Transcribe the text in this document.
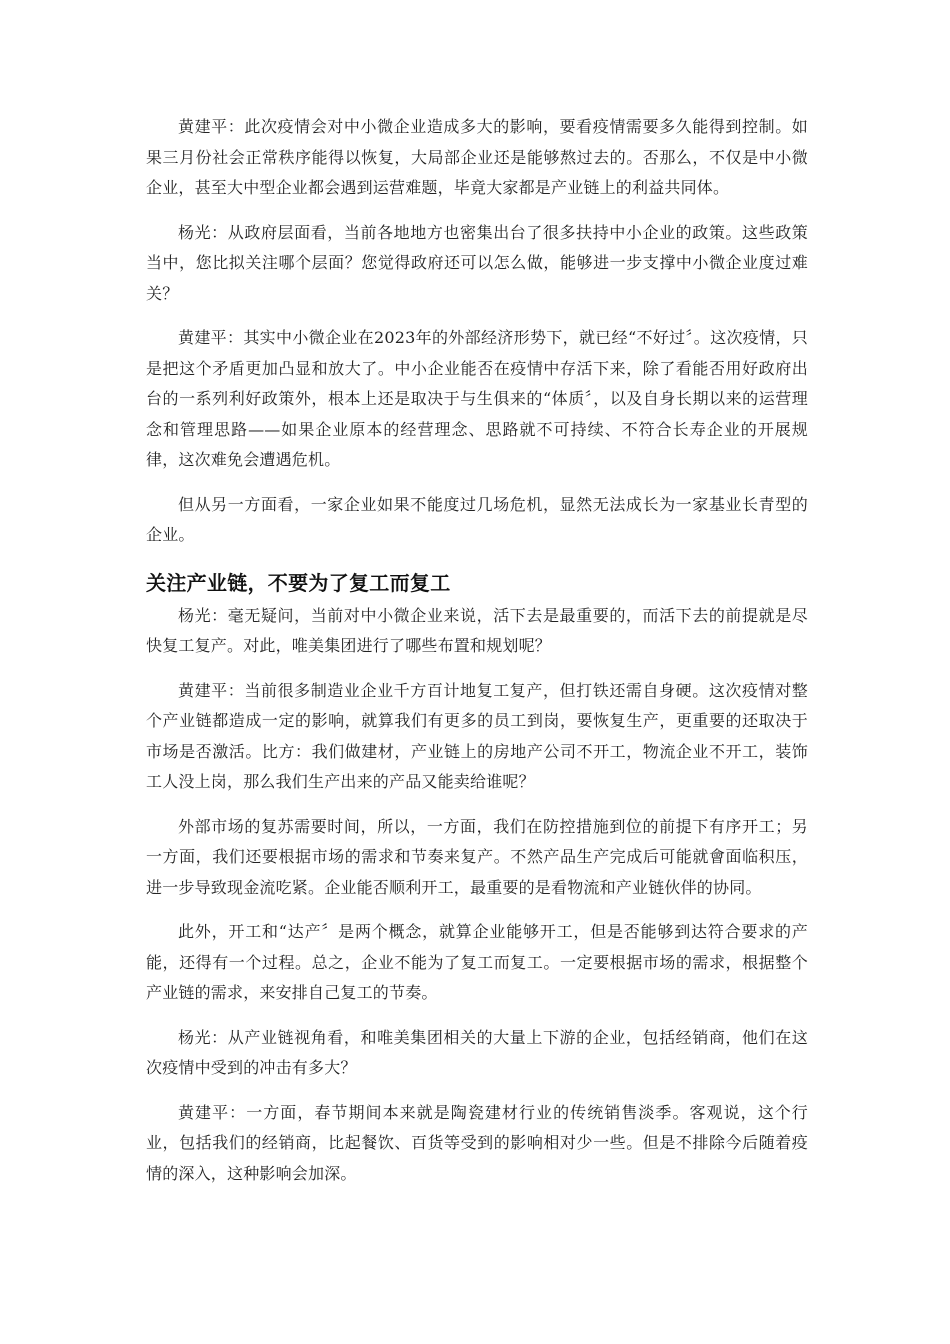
黄建平：此次疫情会对中小微企业造成多大的影响，要看疫情需要多久能得到控制。如果三月份社会正常秩序能得以恢复，大局部企业还是能够熬过去的。否那么，不仅是中小微企业，甚至大中型企业都会遇到运营难题，毕竟大家都是产业链上的利益共同体。

杨光：从政府层面看，当前各地地方也密集出台了很多扶持中小企业的政策。这些政策当中，您比拟关注哪个层面？您觉得政府还可以怎么做，能够进一步支撑中小微企业度过难关？

黄建平：其实中小微企业在2023年的外部经济形势下，就已经“不好过〞。这次疫情，只是把这个矛盾更加凸显和放大了。中小企业能否在疫情中存活下来，除了看能否用好政府出台的一系列利好政策外，根本上还是取决于与生俱来的“体质〞，以及自身长期以来的运营理念和管理思路——如果企业原本的经营理念、思路就不可持续、不符合长寿企业的开展规律，这次难免会遭遇危机。

但从另一方面看，一家企业如果不能度过几场危机，显然无法成长为一家基业长青型的企业。

关注产业链，不要为了复工而复工

杨光：毫无疑问，当前对中小微企业来说，活下去是最重要的，而活下去的前提就是尽快复工复产。对此，唯美集团进行了哪些布置和规划呢？

黄建平：当前很多制造业企业千方百计地复工复产，但打铁还需自身硬。这次疫情对整个产业链都造成一定的影响，就算我们有更多的员工到岗，要恢复生产，更重要的还取决于市场是否激活。比方：我们做建材，产业链上的房地产公司不开工，物流企业不开工，装饰工人没上岗，那么我们生产出来的产品又能卖给谁呢？

外部市场的复苏需要时间，所以，一方面，我们在防控措施到位的前提下有序开工；另一方面，我们还要根据市场的需求和节奏来复产。不然产品生产完成后可能就會面临积压，进一步导致现金流吃紧。企业能否顺利开工，最重要的是看物流和产业链伙伴的协同。

此外，开工和“达产〞是两个概念，就算企业能够开工，但是否能够到达符合要求的产能，还得有一个过程。总之，企业不能为了复工而复工。一定要根据市场的需求，根据整个产业链的需求，来安排自己复工的节奏。

杨光：从产业链视角看，和唯美集团相关的大量上下游的企业，包括经销商，他们在这次疫情中受到的冲击有多大？

黄建平：一方面，春节期间本来就是陶瓷建材行业的传统销售淡季。客观说，这个行业，包括我们的经销商，比起餐饮、百货等受到的影响相对少一些。但是不排除今后随着疫情的深入，这种影响会加深。
